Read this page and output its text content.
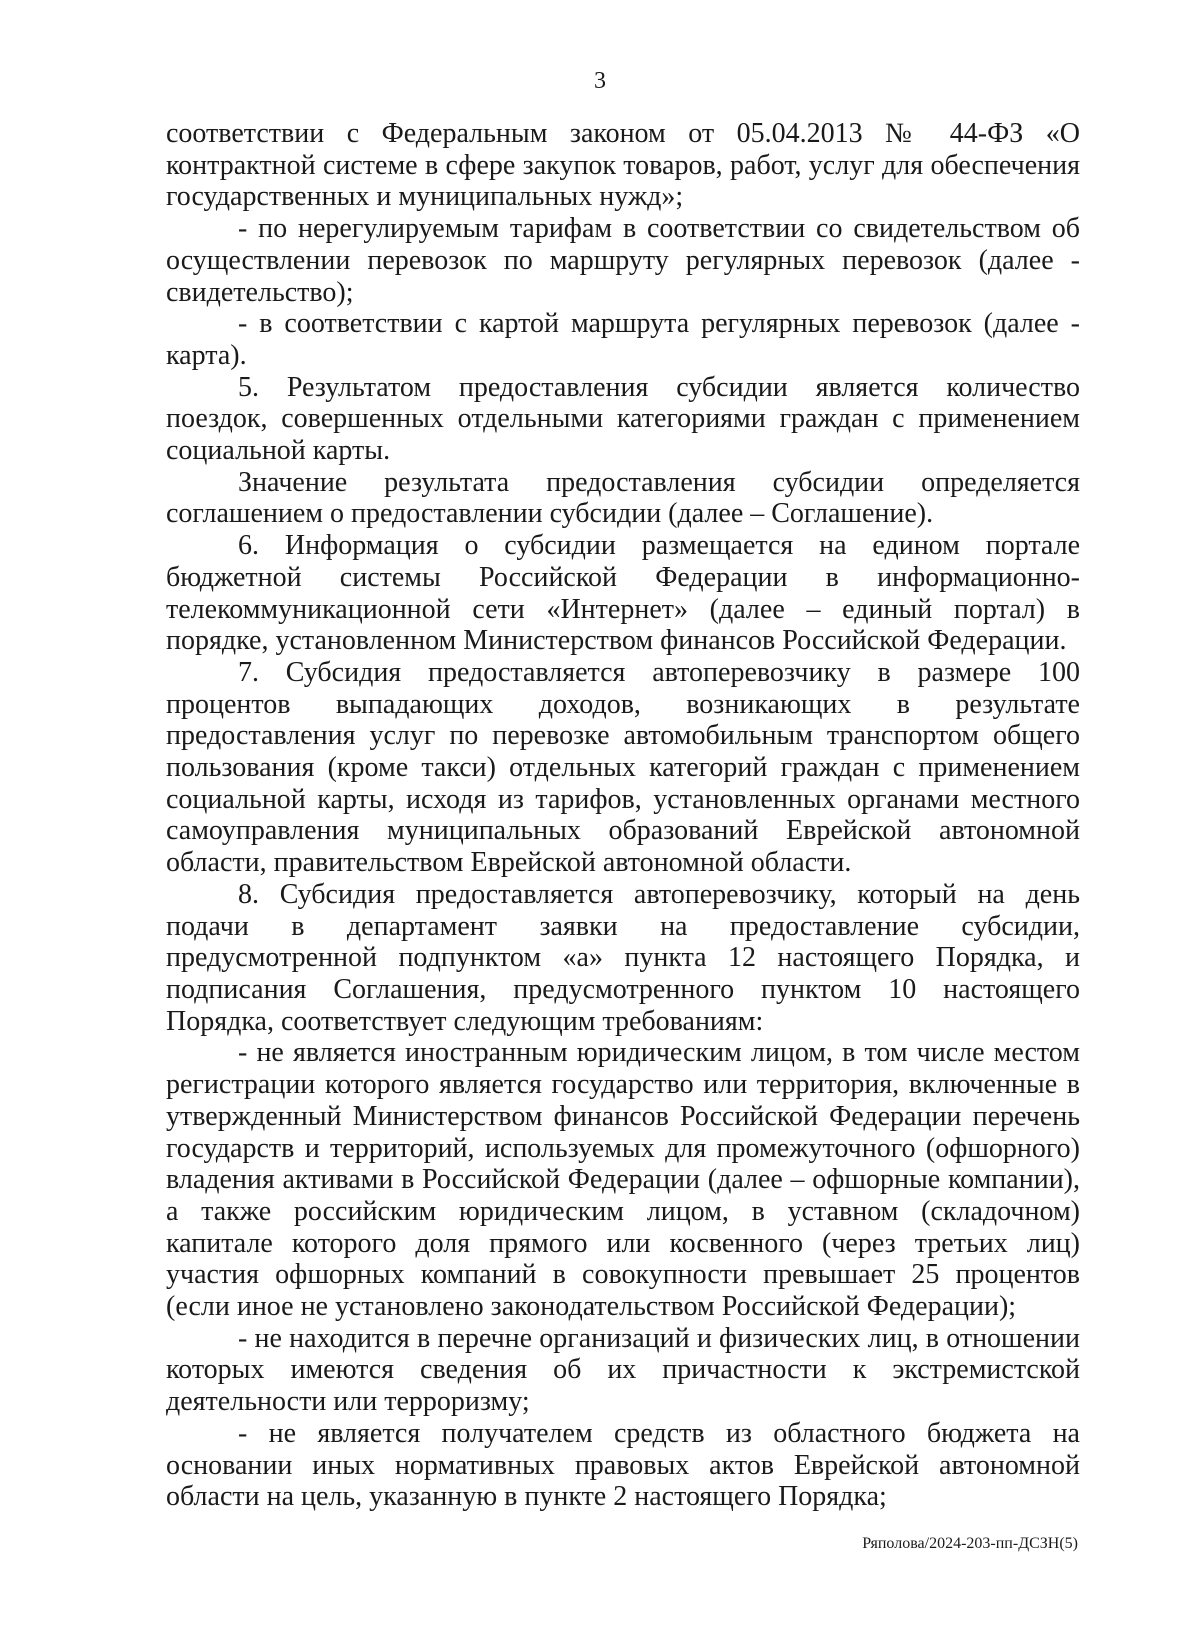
3

соответствии с Федеральным законом от 05.04.2013 № 44-ФЗ «О контрактной системе в сфере закупок товаров, работ, услуг для обеспечения государственных и муниципальных нужд»;

- по нерегулируемым тарифам в соответствии со свидетельством об осуществлении перевозок по маршруту регулярных перевозок (далее - свидетельство);

- в соответствии с картой маршрута регулярных перевозок (далее - карта).

5. Результатом предоставления субсидии является количество поездок, совершенных отдельными категориями граждан с применением социальной карты.

Значение результата предоставления субсидии определяется соглашением о предоставлении субсидии (далее – Соглашение).

6. Информация о субсидии размещается на едином портале бюджетной системы Российской Федерации в информационно-телекоммуникационной сети «Интернет» (далее – единый портал) в порядке, установленном Министерством финансов Российской Федерации.

7. Субсидия предоставляется автоперевозчику в размере 100 процентов выпадающих доходов, возникающих в результате предоставления услуг по перевозке автомобильным транспортом общего пользования (кроме такси) отдельных категорий граждан с применением социальной карты, исходя из тарифов, установленных органами местного самоуправления муниципальных образований Еврейской автономной области, правительством Еврейской автономной области.

8. Субсидия предоставляется автоперевозчику, который на день подачи в департамент заявки на предоставление субсидии, предусмотренной подпунктом «а» пункта 12 настоящего Порядка, и подписания Соглашения, предусмотренного пунктом 10 настоящего Порядка, соответствует следующим требованиям:

- не является иностранным юридическим лицом, в том числе местом регистрации которого является государство или территория, включенные в утвержденный Министерством финансов Российской Федерации перечень государств и территорий, используемых для промежуточного (офшорного) владения активами в Российской Федерации (далее – офшорные компании), а также российским юридическим лицом, в уставном (складочном) капитале которого доля прямого или косвенного (через третьих лиц) участия офшорных компаний в совокупности превышает 25 процентов (если иное не установлено законодательством Российской Федерации);

- не находится в перечне организаций и физических лиц, в отношении которых имеются сведения об их причастности к экстремистской деятельности или терроризму;

- не является получателем средств из областного бюджета на основании иных нормативных правовых актов Еврейской автономной области на цель, указанную в пункте 2 настоящего Порядка;

Ряполова/2024-203-пп-ДСЗН(5)
